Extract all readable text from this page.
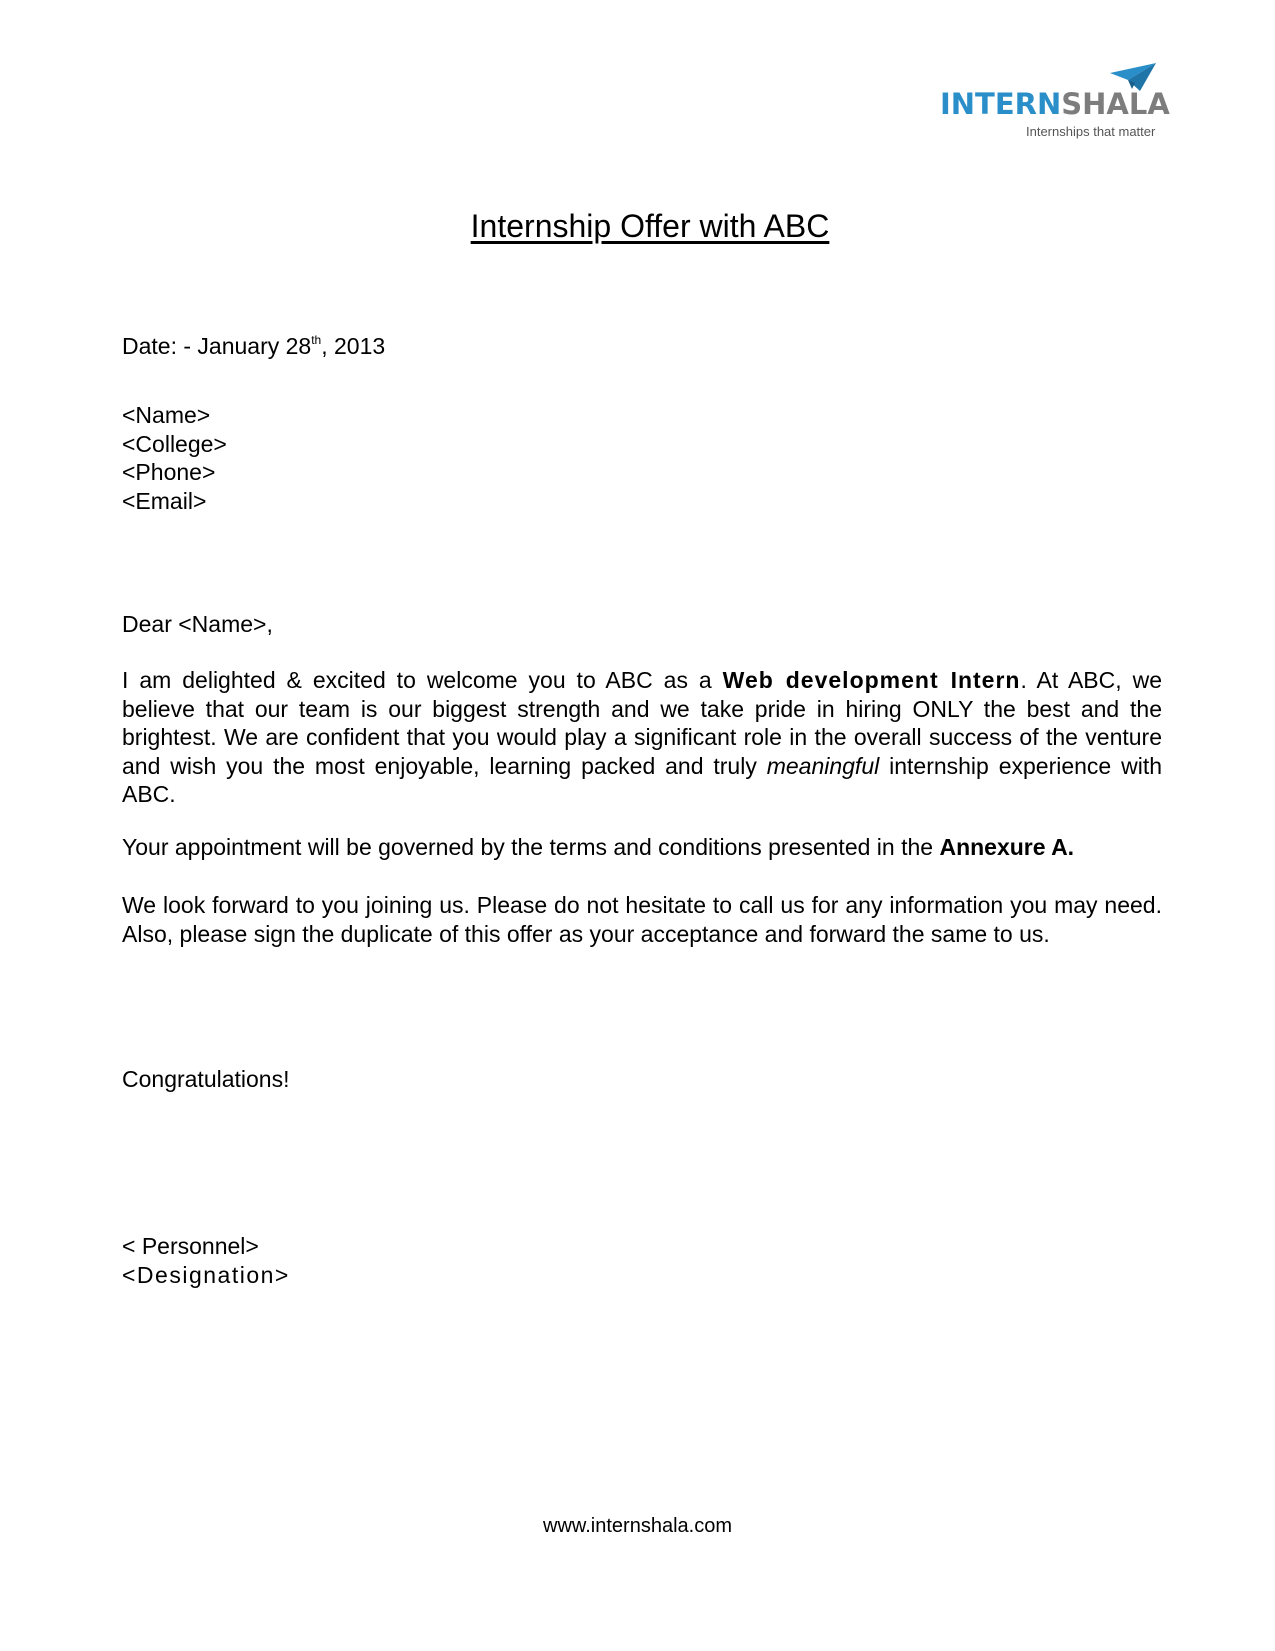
INTERNSHALA
Internships that matter
Internship Offer with ABC

Date: - January 28th, 2013

<Name>
<College>
<Phone>
<Email>

Dear <Name>,

I am delighted & excited to welcome you to ABC as a Web development Intern. At ABC, we believe that our team is our biggest strength and we take pride in hiring ONLY the best and the brightest. We are confident that you would play a significant role in the overall success of the venture and wish you the most enjoyable, learning packed and truly meaningful internship experience with ABC.

Your appointment will be governed by the terms and conditions presented in the Annexure A.

We look forward to you joining us. Please do not hesitate to call us for any information you may need. Also, please sign the duplicate of this offer as your acceptance and forward the same to us.

Congratulations!

< Personnel>
<Designation>
www.internshala.com
